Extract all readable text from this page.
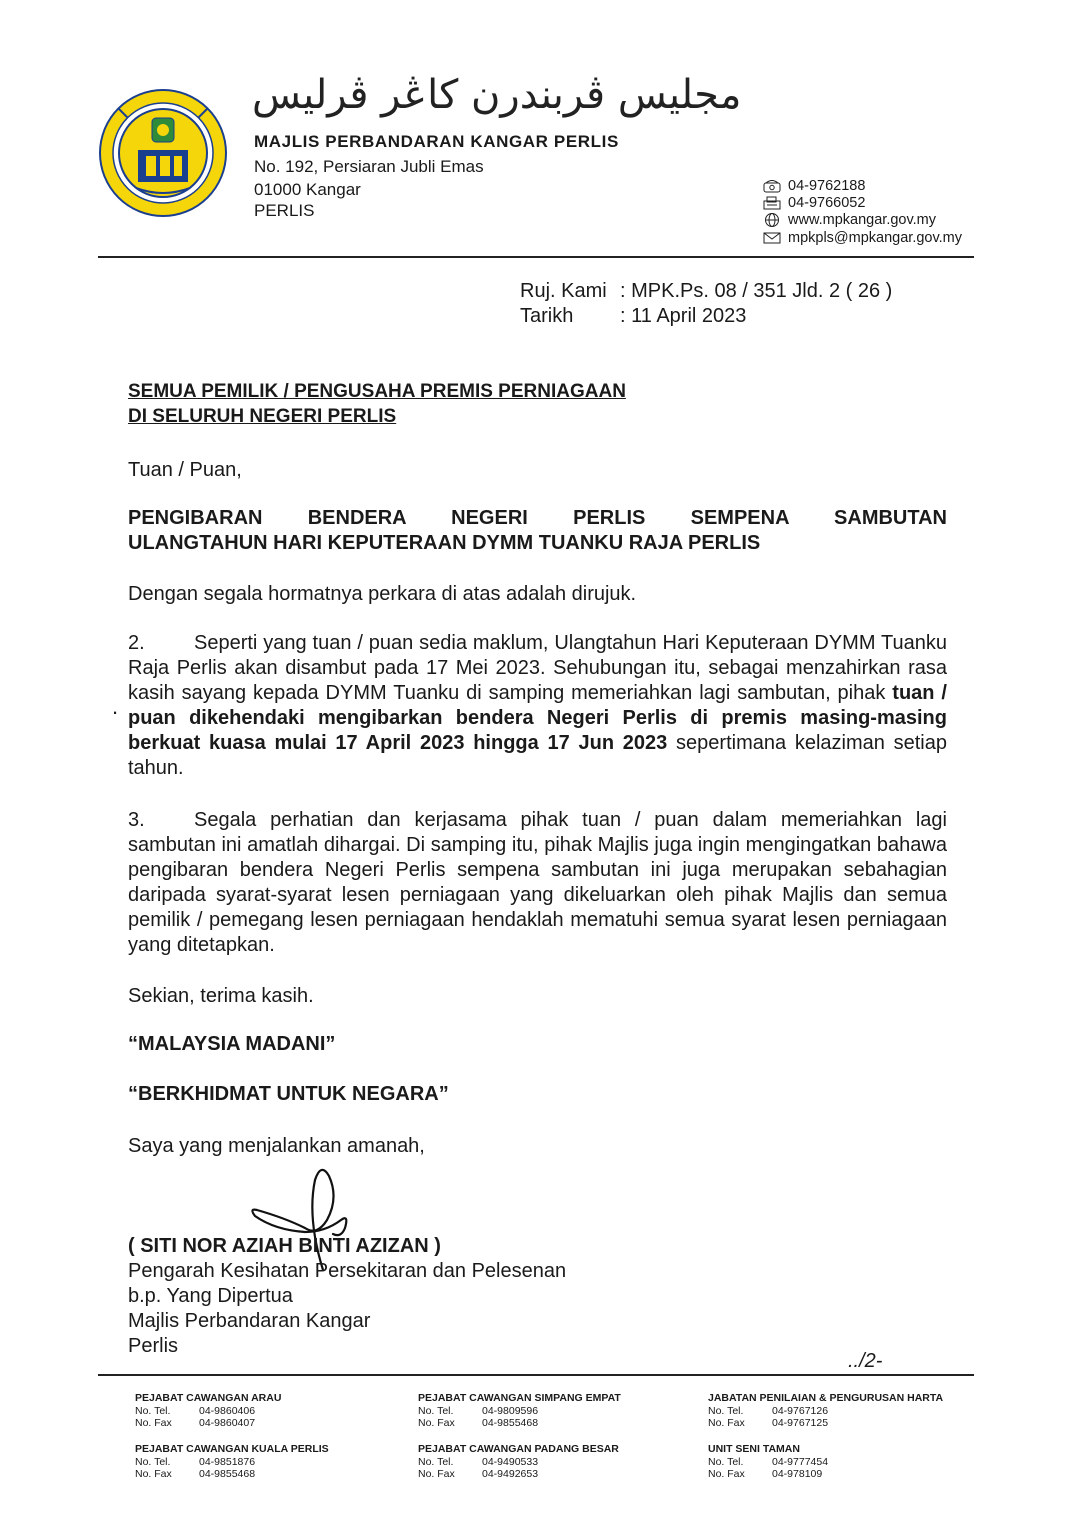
مجليس ڤربندرن كاڠر ڤرليس
MAJLIS PERBANDARAN KANGAR PERLIS
No. 192, Persiaran Jubli Emas
01000 Kangar
PERLIS
04-9762188
04-9766052
www.mpkangar.gov.my
mpkpls@mpkangar.gov.my
Ruj. Kami : MPK.Ps. 08 / 351 Jld. 2 ( 26 )
Tarikh : 11 April 2023
SEMUA PEMILIK / PENGUSAHA PREMIS PERNIAGAAN
DI SELURUH NEGERI PERLIS
Tuan / Puan,
PENGIBARAN BENDERA NEGERI PERLIS SEMPENA SAMBUTAN
ULANGTAHUN HARI KEPUTERAAN DYMM TUANKU RAJA PERLIS
Dengan segala hormatnya perkara di atas adalah dirujuk.
2. Seperti yang tuan / puan sedia maklum, Ulangtahun Hari Keputeraan DYMM Tuanku Raja Perlis akan disambut pada 17 Mei 2023. Sehubungan itu, sebagai menzahirkan rasa kasih sayang kepada DYMM Tuanku di samping memeriahkan lagi sambutan, pihak tuan / puan dikehendaki mengibarkan bendera Negeri Perlis di premis masing-masing berkuat kuasa mulai 17 April 2023 hingga 17 Jun 2023 sepertimana kelaziman setiap tahun.
.
3. Segala perhatian dan kerjasama pihak tuan / puan dalam memeriahkan lagi sambutan ini amatlah dihargai. Di samping itu, pihak Majlis juga ingin mengingatkan bahawa pengibaran bendera Negeri Perlis sempena sambutan ini juga merupakan sebahagian daripada syarat-syarat lesen perniagaan yang dikeluarkan oleh pihak Majlis dan semua pemilik / pemegang lesen perniagaan hendaklah mematuhi semua syarat lesen perniagaan yang ditetapkan.
Sekian, terima kasih.
“MALAYSIA MADANI”
“BERKHIDMAT UNTUK NEGARA”
Saya yang menjalankan amanah,
( SITI NOR AZIAH BINTI AZIZAN )
Pengarah Kesihatan Persekitaran dan Pelesenan
b.p. Yang Dipertua
Majlis Perbandaran Kangar
Perlis
../2-
PEJABAT CAWANGAN ARAU
No. Tel.	04-9860406
No. Fax	04-9860407
PEJABAT CAWANGAN SIMPANG EMPAT
No. Tel.	04-9809596
No. Fax	04-9855468
JABATAN PENILAIAN & PENGURUSAN HARTA
No. Tel.	04-9767126
No. Fax	04-9767125
PEJABAT CAWANGAN KUALA PERLIS
No. Tel.	04-9851876
No. Fax	04-9855468
PEJABAT CAWANGAN PADANG BESAR
No. Tel.	04-9490533
No. Fax	04-9492653
UNIT SENI TAMAN
No. Tel.	04-9777454
No. Fax	04-978109
